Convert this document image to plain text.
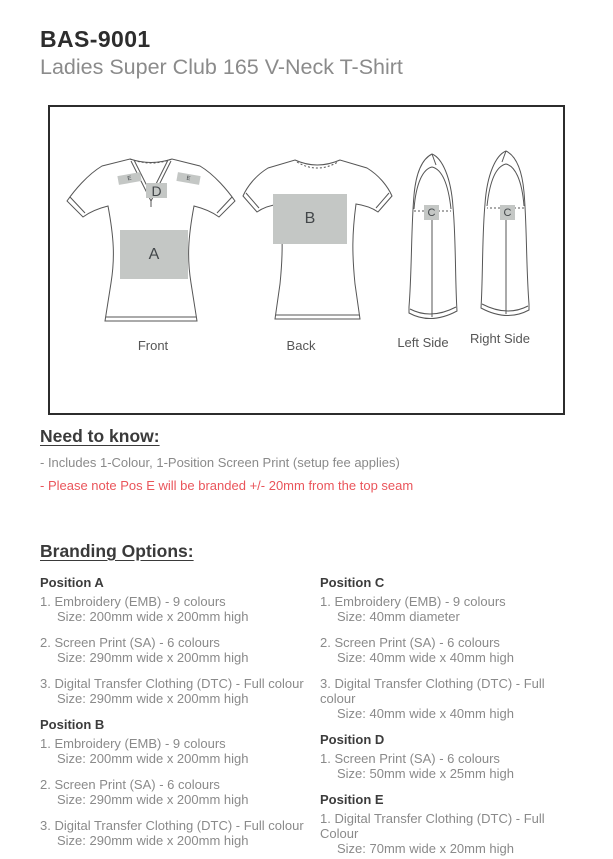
BAS-9001
Ladies Super Club 165 V-Neck T-Shirt
A
B
D
E	E
C	C
Front	Back	Left Side	Right Side
Need to know:

- Includes 1-Colour, 1-Position Screen Print (setup fee applies)

- Please note Pos E will be branded +/- 20mm from the top seam

Branding Options:
Position A
1. Embroidery (EMB) - 9 colours
Size: 200mm wide x 200mm high
2. Screen Print (SA) - 6 colours
Size: 290mm wide x 200mm high
3. Digital Transfer Clothing (DTC) - Full colour
Size: 290mm wide x 200mm high
Position B
1. Embroidery (EMB) - 9 colours
Size: 200mm wide x 200mm high
2. Screen Print (SA) - 6 colours
Size: 290mm wide x 200mm high
3. Digital Transfer Clothing (DTC) - Full colour
Size: 290mm wide x 200mm high
Position C
1. Embroidery (EMB) - 9 colours
Size: 40mm diameter
2. Screen Print (SA) - 6 colours
Size: 40mm wide x 40mm high
3. Digital Transfer Clothing (DTC) - Full colour
Size: 40mm wide x 40mm high
Position D
1. Screen Print (SA) - 6 colours
Size: 50mm wide x 25mm high
Position E
1. Digital Transfer Clothing (DTC) - Full Colour
Size: 70mm wide x 20mm high
